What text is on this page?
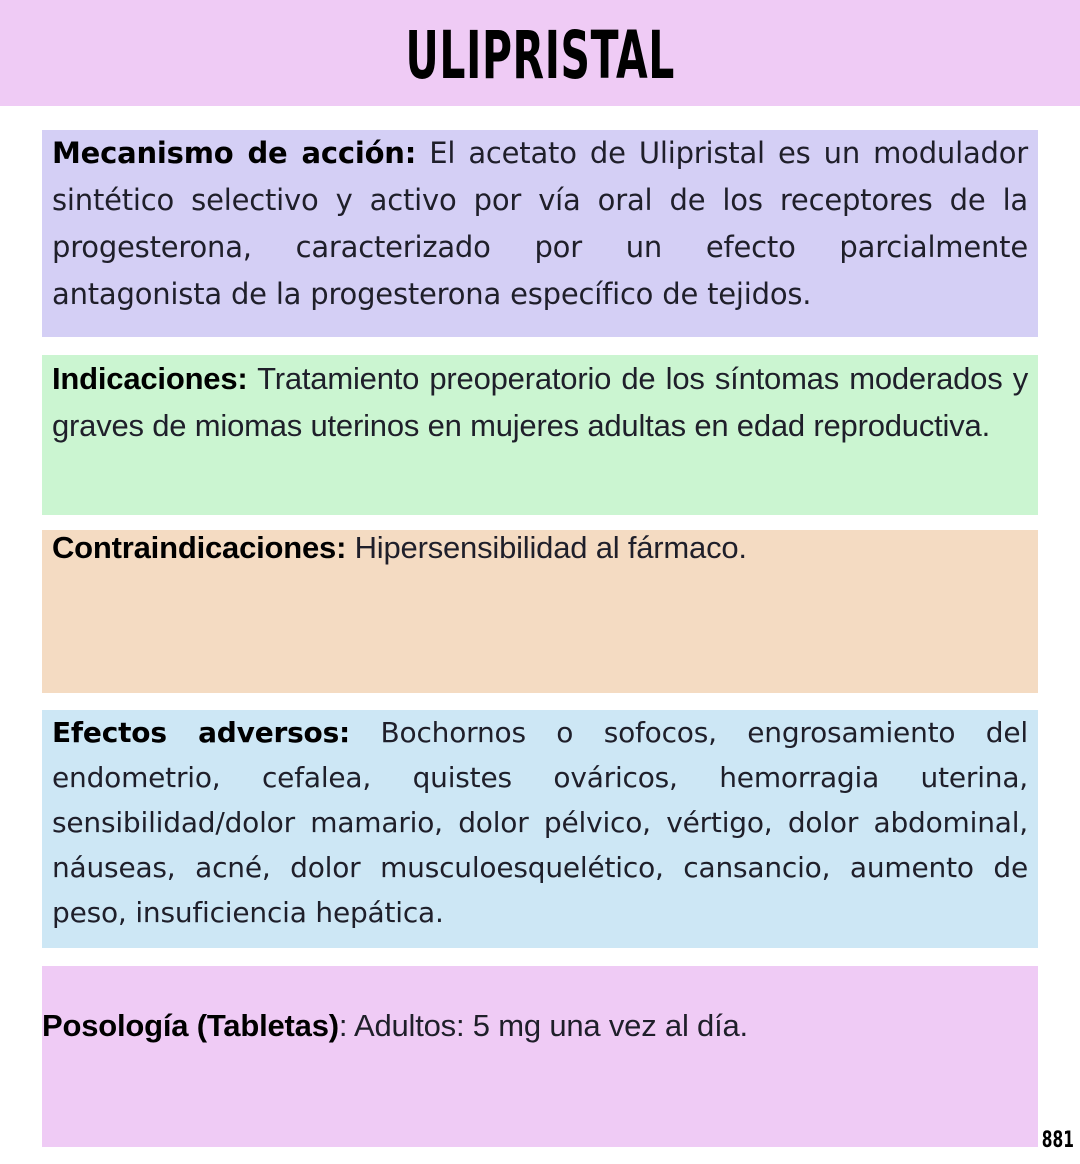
ULIPRISTAL

Mecanismo de acción: El acetato de Ulipristal es un modulador sintético selectivo y activo por vía oral de los receptores de la progesterona, caracterizado por un efecto parcialmente antagonista de la progesterona específico de tejidos.

Indicaciones: Tratamiento preoperatorio de los síntomas moderados y graves de miomas uterinos en mujeres adultas en edad reproductiva.

Contraindicaciones: Hipersensibilidad al fármaco.

Efectos adversos: Bochornos o sofocos, engrosamiento del endometrio, cefalea, quistes ováricos, hemorragia uterina, sensibilidad/dolor mamario, dolor pélvico, vértigo, dolor abdominal, náuseas, acné, dolor musculoesquelético, cansancio, aumento de peso, insuficiencia hepática.

Posología (Tabletas): Adultos: 5 mg una vez al día.

881
